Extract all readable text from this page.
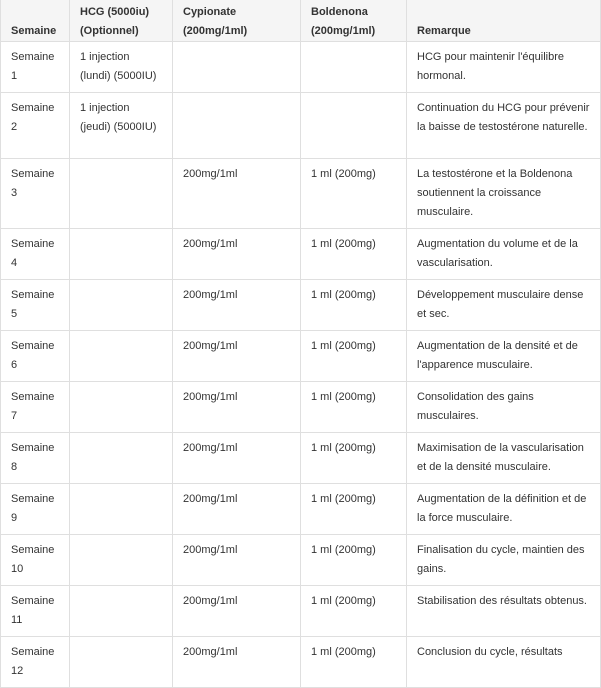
Semaine	HCG (5000iu) (Optionnel)	Cypionate (200mg/1ml)	Boldenona (200mg/1ml)	Remarque
Semaine 1	1 injection (lundi) (5000IU)			HCG pour maintenir l'équilibre hormonal.
Semaine 2	1 injection (jeudi) (5000IU)			Continuation du HCG pour prévenir la baisse de testostérone naturelle.
Semaine 3		200mg/1ml	1 ml (200mg)	La testostérone et la Boldenona soutiennent la croissance musculaire.
Semaine 4		200mg/1ml	1 ml (200mg)	Augmentation du volume et de la vascularisation.
Semaine 5		200mg/1ml	1 ml (200mg)	Développement musculaire dense et sec.
Semaine 6		200mg/1ml	1 ml (200mg)	Augmentation de la densité et de l'apparence musculaire.
Semaine 7		200mg/1ml	1 ml (200mg)	Consolidation des gains musculaires.
Semaine 8		200mg/1ml	1 ml (200mg)	Maximisation de la vascularisation et de la densité musculaire.
Semaine 9		200mg/1ml	1 ml (200mg)	Augmentation de la définition et de la force musculaire.
Semaine 10		200mg/1ml	1 ml (200mg)	Finalisation du cycle, maintien des gains.
Semaine 11		200mg/1ml	1 ml (200mg)	Stabilisation des résultats obtenus.
Semaine 12		200mg/1ml	1 ml (200mg)	Conclusion du cycle, résultats
